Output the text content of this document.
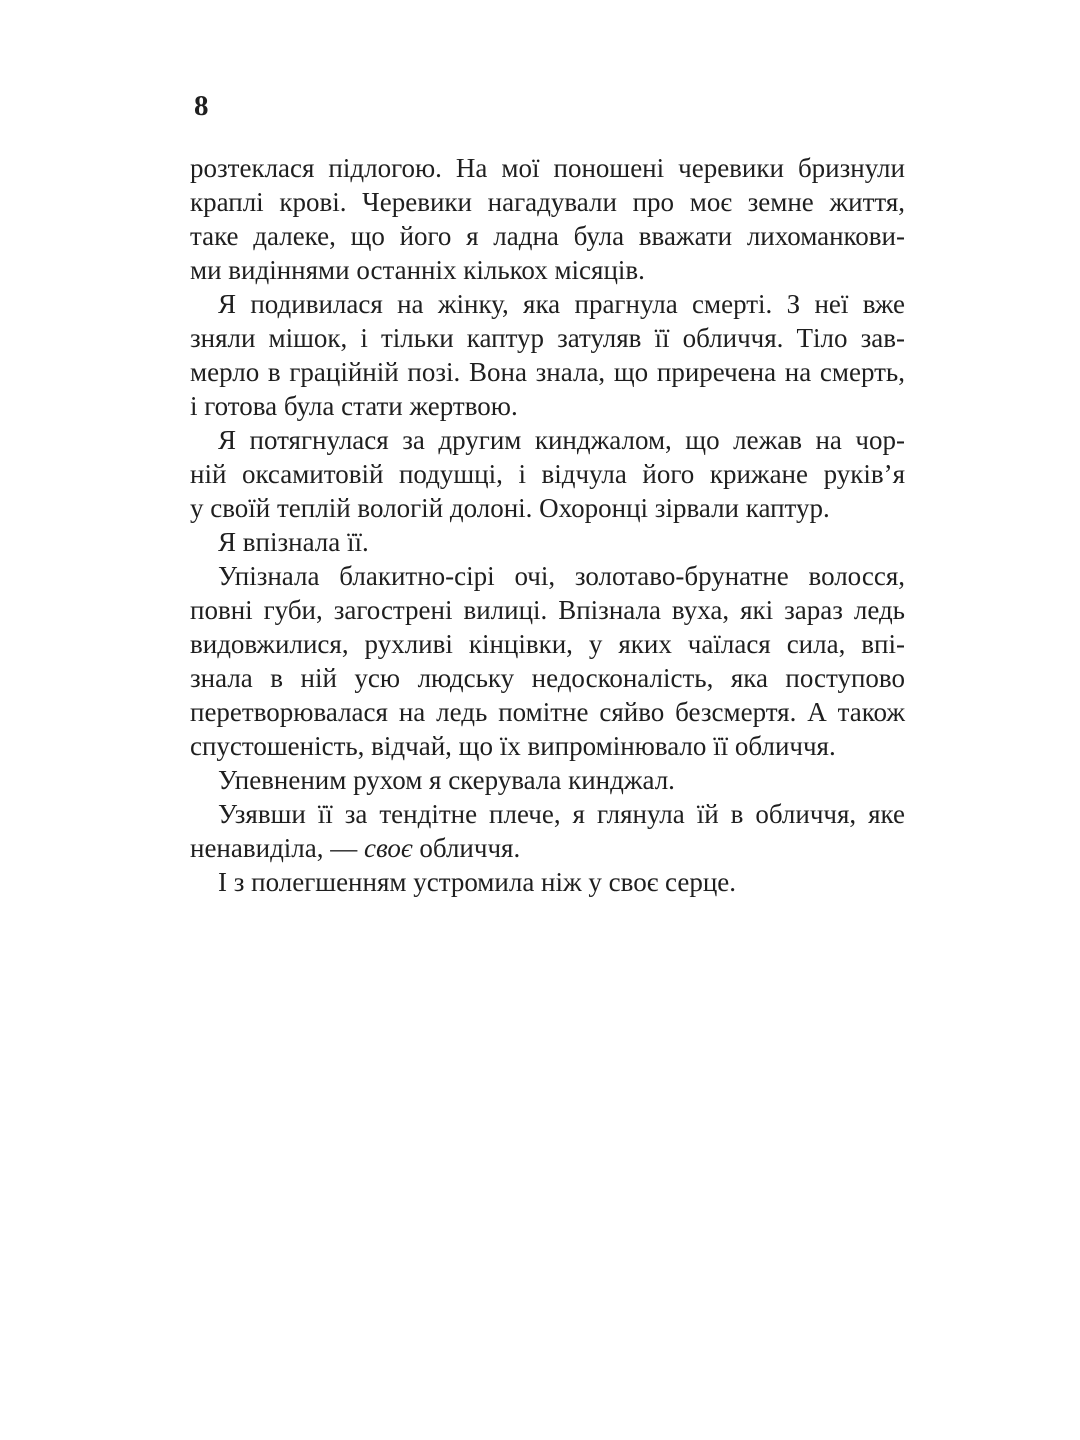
8
розтеклася підлогою. На мої поношені черевики бризнули
краплі крові. Черевики нагадували про моє земне життя,
таке далеке, що його я ладна була вважати лихоманкови-
ми видіннями останніх кількох місяців.
Я подивилася на жінку, яка прагнула смерті. З неї вже
зняли мішок, і тільки каптур затуляв її обличчя. Тіло зав-
мерло в граційній позі. Вона знала, що приречена на смерть,
і готова була стати жертвою.
Я потягнулася за другим кинджалом, що лежав на чор-
ній оксамитовій подушці, і відчула його крижане руків’я
у своїй теплій вологій долоні. Охоронці зірвали каптур.
Я впізнала її.
Упізнала блакитно-сірі очі, золотаво-брунатне волосся,
повні губи, загострені вилиці. Впізнала вуха, які зараз ледь
видовжилися, рухливі кінцівки, у яких чаїлася сила, впі-
знала в ній усю людську недосконалість, яка поступово
перетворювалася на ледь помітне сяйво безсмертя. А також
спустошеність, відчай, що їх випромінювало її обличчя.
Упевненим рухом я скерувала кинджал.
Узявши її за тендітне плече, я глянула їй в обличчя, яке
ненавиділа, — своє обличчя.
І з полегшенням устромила ніж у своє серце.
